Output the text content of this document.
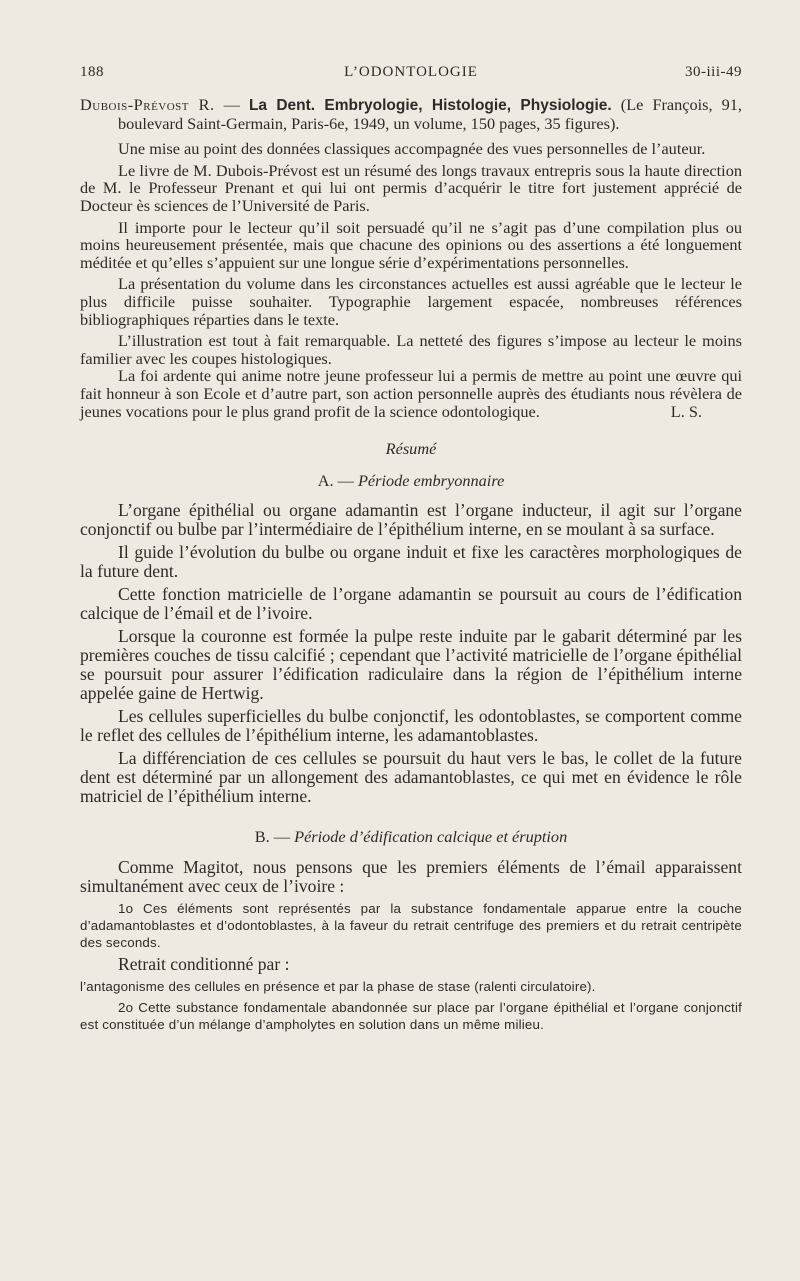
188	L’ODONTOLOGIE	30-iii-49

Dubois-Prévost R. — La Dent. Embryologie, Histologie, Physiologie. (Le François, 91, boulevard Saint-Germain, Paris-6e, 1949, un volume, 150 pages, 35 figures).

Une mise au point des données classiques accompagnée des vues personnelles de l’auteur.

Le livre de M. Dubois-Prévost est un résumé des longs travaux entrepris sous la haute direction de M. le Professeur Prenant et qui lui ont permis d’acquérir le titre fort justement apprécié de Docteur ès sciences de l’Université de Paris.

Il importe pour le lecteur qu’il soit persuadé qu’il ne s’agit pas d’une compilation plus ou moins heureusement présentée, mais que chacune des opinions ou des assertions a été longuement méditée et qu’elles s’appuient sur une longue série d’expérimentations personnelles.

La présentation du volume dans les circonstances actuelles est aussi agréable que le lecteur le plus difficile puisse souhaiter. Typographie largement espacée, nombreuses références bibliographiques réparties dans le texte.

L’illustration est tout à fait remarquable. La netteté des figures s’impose au lecteur le moins familier avec les coupes histologiques.

La foi ardente qui anime notre jeune professeur lui a permis de mettre au point une œuvre qui fait honneur à son Ecole et d’autre part, son action personnelle auprès des étudiants nous révèlera de jeunes vocations pour le plus grand profit de la science odontologique.	L. S.

Résumé

A. — Période embryonnaire

L’organe épithélial ou organe adamantin est l’organe inducteur, il agit sur l’organe conjonctif ou bulbe par l’intermédiaire de l’épithélium interne, en se moulant à sa surface.

Il guide l’évolution du bulbe ou organe induit et fixe les caractères morphologiques de la future dent.

Cette fonction matricielle de l’organe adamantin se poursuit au cours de l’édification calcique de l’émail et de l’ivoire.

Lorsque la couronne est formée la pulpe reste induite par le gabarit déterminé par les premières couches de tissu calcifié ; cependant que l’activité matricielle de l’organe épithélial se poursuit pour assurer l’édification radiculaire dans la région de l’épithélium interne appelée gaine de Hertwig.

Les cellules superficielles du bulbe conjonctif, les odontoblastes, se comportent comme le reflet des cellules de l’épithélium interne, les adamantoblastes.

La différenciation de ces cellules se poursuit du haut vers le bas, le collet de la future dent est déterminé par un allongement des adamantoblastes, ce qui met en évidence le rôle matriciel de l’épithélium interne.

B. — Période d’édification calcique et éruption

Comme Magitot, nous pensons que les premiers éléments de l’émail apparaissent simultanément avec ceux de l’ivoire :

1o Ces éléments sont représentés par la substance fondamentale apparue entre la couche d’adamantoblastes et d’odontoblastes, à la faveur du retrait centrifuge des premiers et du retrait centripète des seconds.

Retrait conditionné par :

l’antagonisme des cellules en présence et par la phase de stase (ralenti circulatoire).

2o Cette substance fondamentale abandonnée sur place par l’organe épithélial et l’organe conjonctif est constituée d’un mélange d’ampholytes en solution dans un même milieu.
